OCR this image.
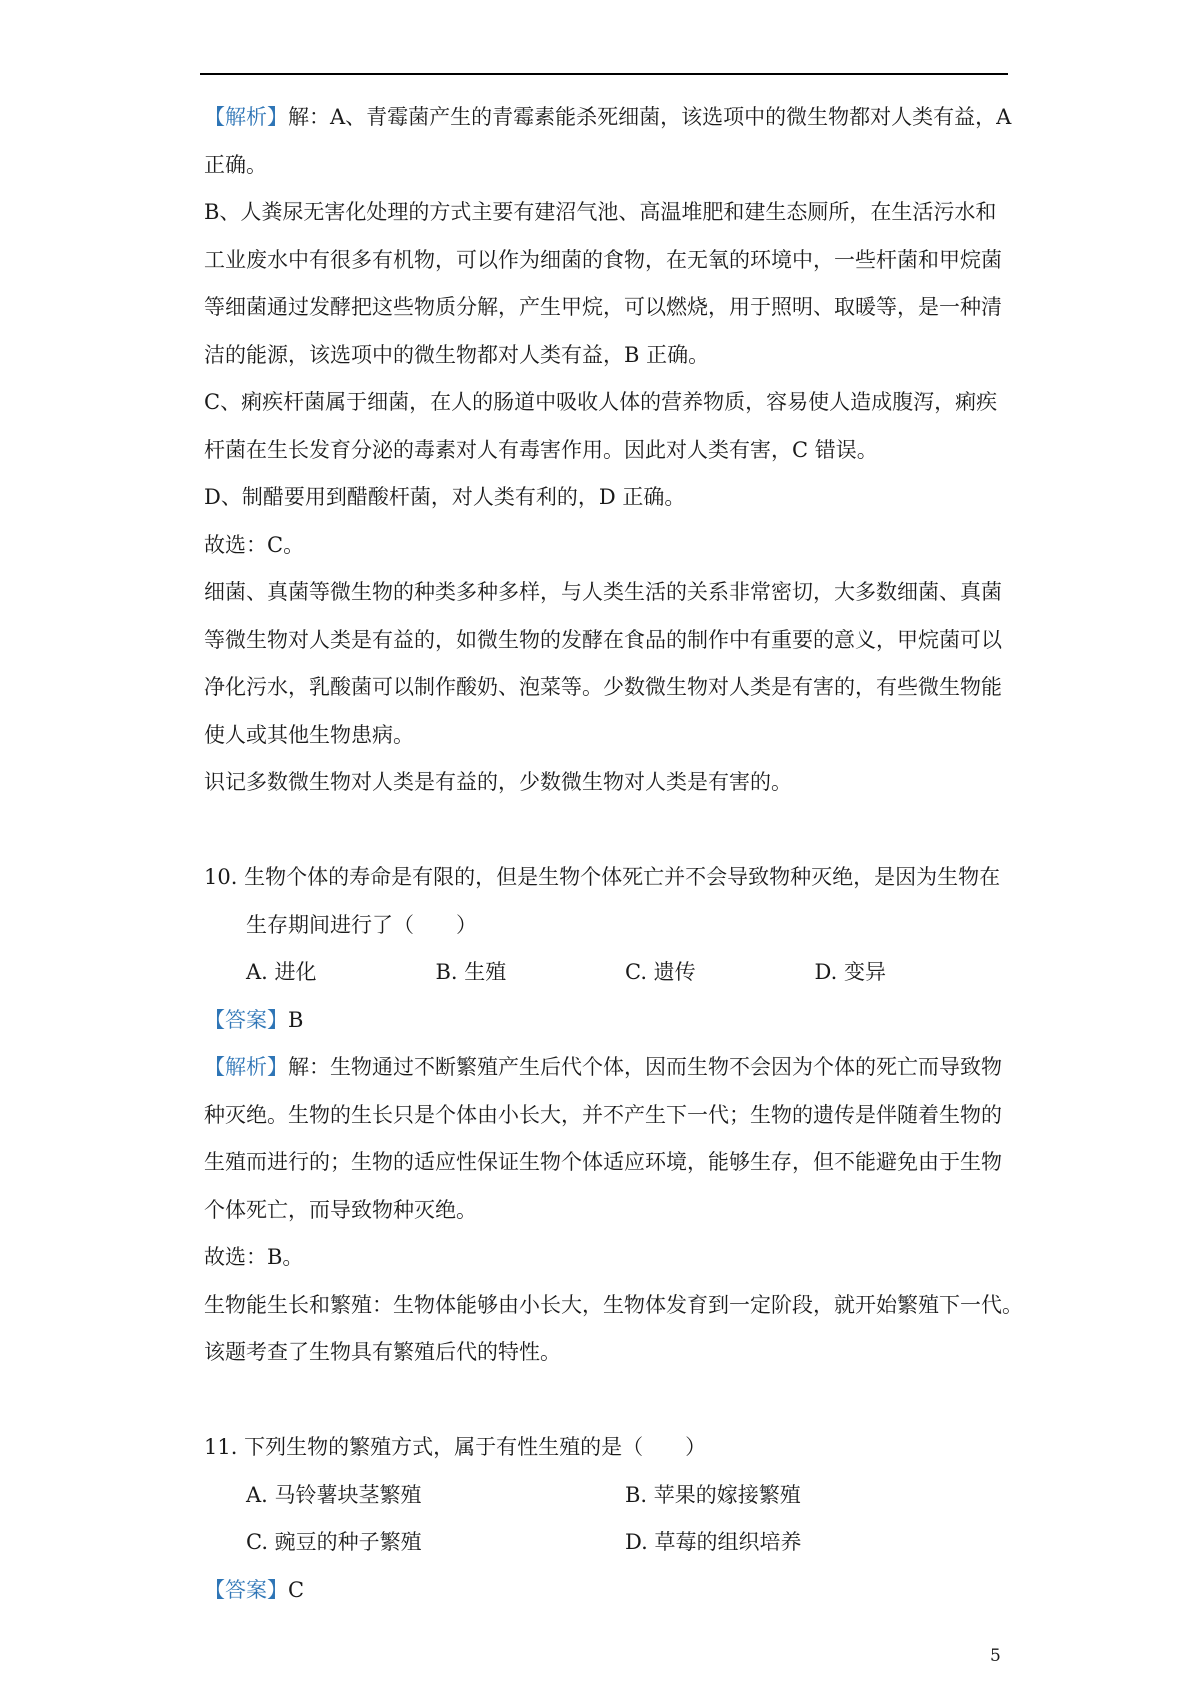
【解析】解：A、青霉菌产生的青霉素能杀死细菌，该选项中的微生物都对人类有益，A
正确。
B、人粪尿无害化处理的方式主要有建沼气池、高温堆肥和建生态厕所，在生活污水和
工业废水中有很多有机物，可以作为细菌的食物，在无氧的环境中，一些杆菌和甲烷菌
等细菌通过发酵把这些物质分解，产生甲烷，可以燃烧，用于照明、取暖等，是一种清
洁的能源，该选项中的微生物都对人类有益，B 正确。
C、痢疾杆菌属于细菌，在人的肠道中吸收人体的营养物质，容易使人造成腹泻，痢疾
杆菌在生长发育分泌的毒素对人有毒害作用。因此对人类有害，C 错误。
D、制醋要用到醋酸杆菌，对人类有利的，D 正确。
故选：C。
细菌、真菌等微生物的种类多种多样，与人类生活的关系非常密切，大多数细菌、真菌
等微生物对人类是有益的，如微生物的发酵在食品的制作中有重要的意义，甲烷菌可以
净化污水，乳酸菌可以制作酸奶、泡菜等。少数微生物对人类是有害的，有些微生物能
使人或其他生物患病。
识记多数微生物对人类是有益的，少数微生物对人类是有害的。
10. 生物个体的寿命是有限的，但是生物个体死亡并不会导致物种灭绝，是因为生物在
生存期间进行了（　　）
A. 进化	B. 生殖	C. 遗传	D. 变异
【答案】B
【解析】解：生物通过不断繁殖产生后代个体，因而生物不会因为个体的死亡而导致物
种灭绝。生物的生长只是个体由小长大，并不产生下一代；生物的遗传是伴随着生物的
生殖而进行的；生物的适应性保证生物个体适应环境，能够生存，但不能避免由于生物
个体死亡，而导致物种灭绝。
故选：B。
生物能生长和繁殖：生物体能够由小长大，生物体发育到一定阶段，就开始繁殖下一代。
该题考查了生物具有繁殖后代的特性。
11. 下列生物的繁殖方式，属于有性生殖的是（　　）
A. 马铃薯块茎繁殖	B. 苹果的嫁接繁殖
C. 豌豆的种子繁殖	D. 草莓的组织培养
【答案】C
5
